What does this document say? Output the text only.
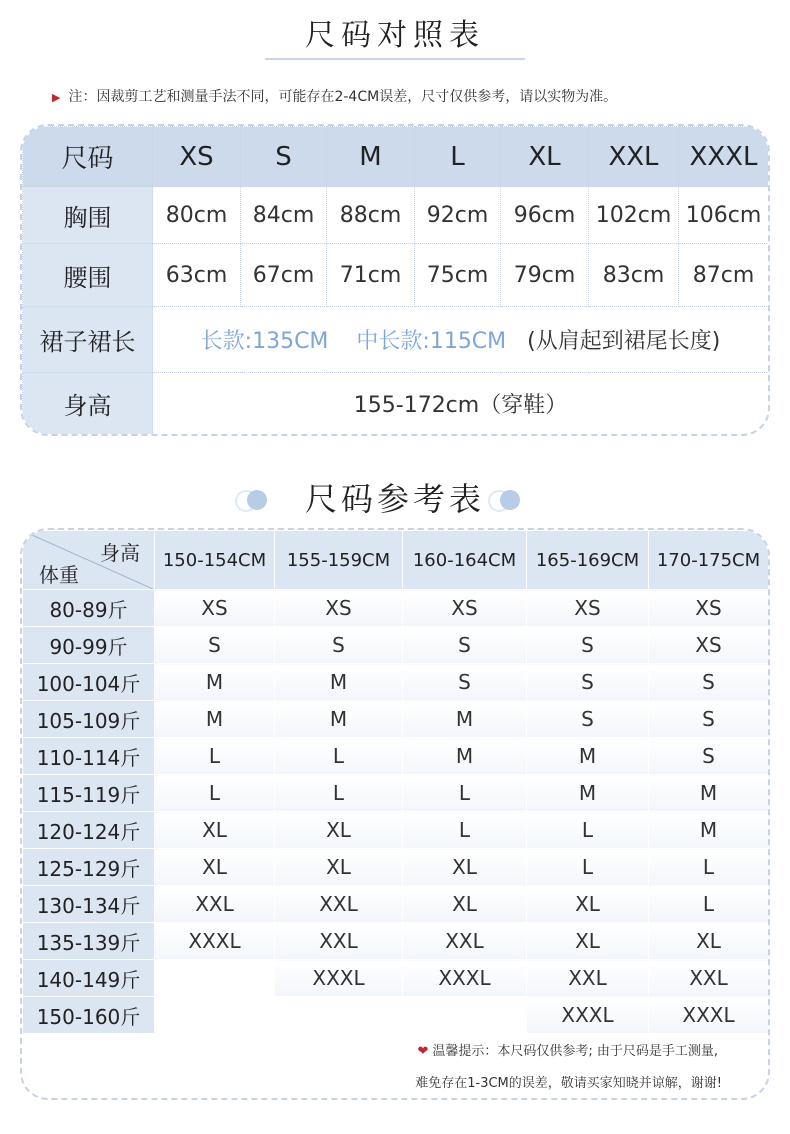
尺码对照表
▶ 注：因裁剪工艺和测量手法不同，可能存在2-4CM误差，尺寸仅供参考，请以实物为准。
尺码	XS	S	M	L	XL	XXL	XXXL
胸围	80cm	84cm	88cm	92cm	96cm	102cm	106cm
腰围	63cm	67cm	71cm	75cm	79cm	83cm	87cm
裙子裙长	长款:135CM 中长款:115CM (从肩起到裙尾长度)						
身高	155-172cm（穿鞋）						
尺码参考表
身高
体重	150-154CM	155-159CM	160-164CM	165-169CM	170-175CM
80-89斤	XS	XS	XS	XS	XS
90-99斤	S	S	S	S	XS
100-104斤	M	M	S	S	S
105-109斤	M	M	M	S	S
110-114斤	L	L	M	M	S
115-119斤	L	L	L	M	M
120-124斤	XL	XL	L	L	M
125-129斤	XL	XL	XL	L	L
130-134斤	XXL	XXL	XL	XL	L
135-139斤	XXXL	XXL	XXL	XL	XL
140-149斤		XXXL	XXXL	XXL	XXL
150-160斤				XXXL	XXXL
❤ 温馨提示：本尺码仅供参考; 由于尺码是手工测量,
难免存在1-3CM的误差，敬请买家知晓并谅解，谢谢!
